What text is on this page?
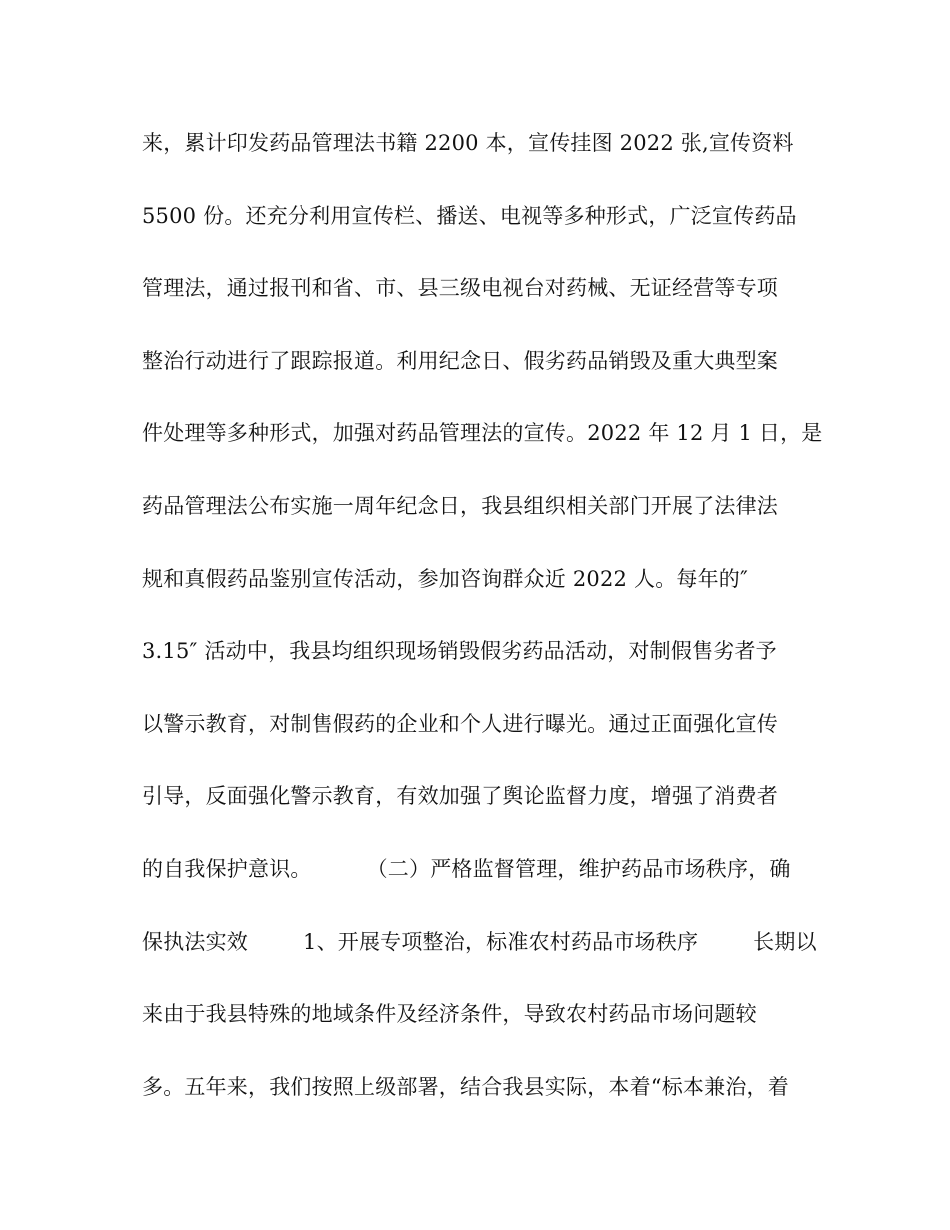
来，累计印发药品管理法书籍 2200 本，宣传挂图 2022 张,宣传资料
5500 份。还充分利用宣传栏、播送、电视等多种形式，广泛宣传药品
管理法，通过报刊和省、市、县三级电视台对药械、无证经营等专项
整治行动进行了跟踪报道。利用纪念日、假劣药品销毁及重大典型案
件处理等多种形式，加强对药品管理法的宣传。2022 年 12 月 1 日，是
药品管理法公布实施一周年纪念日，我县组织相关部门开展了法律法
规和真假药品鉴别宣传活动，参加咨询群众近 2022 人。每年的″
3.15″ 活动中，我县均组织现场销毁假劣药品活动，对制假售劣者予
以警示教育，对制售假药的企业和个人进行曝光。通过正面强化宣传
引导，反面强化警示教育，有效加强了舆论监督力度，增强了消费者
的自我保护意识。        （二）严格监督管理，维护药品市场秩序，确
保执法实效        1、开展专项整治，标准农村药品市场秩序        长期以
来由于我县特殊的地域条件及经济条件，导致农村药品市场问题较
多。五年来，我们按照上级部署，结合我县实际，本着“标本兼治，着
